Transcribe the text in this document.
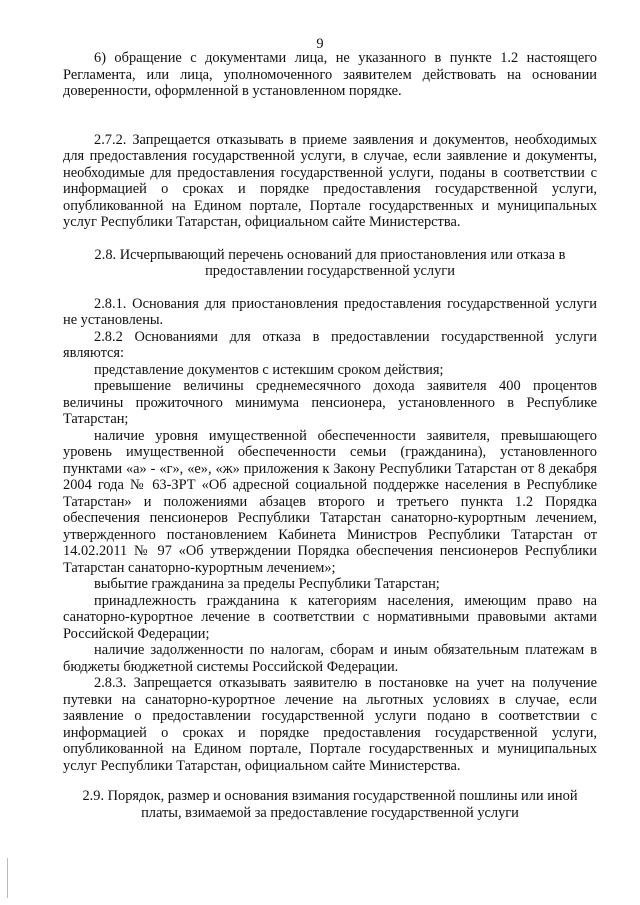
9

6) обращение с документами лица, не указанного в пункте 1.2 настоящего Регламента, или лица, уполномоченного заявителем действовать на основании доверенности, оформленной в установленном порядке.

2.7.2. Запрещается отказывать в приеме заявления и документов, необходимых для предоставления государственной услуги, в случае, если заявление и документы, необходимые для предоставления государственной услуги, поданы в соответствии с информацией о сроках и порядке предоставления государственной услуги, опубликованной на Едином портале, Портале государственных и муниципальных услуг Республики Татарстан, официальном сайте Министерства.

2.8. Исчерпывающий перечень оснований для приостановления или отказа в предоставлении государственной услуги

2.8.1. Основания для приостановления предоставления государственной услуги не установлены.

2.8.2 Основаниями для отказа в предоставлении государственной услуги являются:

представление документов с истекшим сроком действия;

превышение величины среднемесячного дохода заявителя 400 процентов величины прожиточного минимума пенсионера, установленного в Республике Татарстан;

наличие уровня имущественной обеспеченности заявителя, превышающего уровень имущественной обеспеченности семьи (гражданина), установленного пунктами «а» - «г», «е», «ж» приложения к Закону Республики Татарстан от 8 декабря 2004 года № 63-ЗРТ «Об адресной социальной поддержке населения в Республике Татарстан» и положениями абзацев второго и третьего пункта 1.2 Порядка обеспечения пенсионеров Республики Татарстан санаторно-курортным лечением, утвержденного постановлением Кабинета Министров Республики Татарстан от 14.02.2011 № 97 «Об утверждении Порядка обеспечения пенсионеров Республики Татарстан санаторно-курортным лечением»;

выбытие гражданина за пределы Республики Татарстан;

принадлежность гражданина к категориям населения, имеющим право на санаторно-курортное лечение в соответствии с нормативными правовыми актами Российской Федерации;

наличие задолженности по налогам, сборам и иным обязательным платежам в бюджеты бюджетной системы Российской Федерации.

2.8.3. Запрещается отказывать заявителю в постановке на учет на получение путевки на санаторно-курортное лечение на льготных условиях в случае, если заявление о предоставлении государственной услуги подано в соответствии с информацией о сроках и порядке предоставления государственной услуги, опубликованной на Едином портале, Портале государственных и муниципальных услуг Республики Татарстан, официальном сайте Министерства.

2.9. Порядок, размер и основания взимания государственной пошлины или иной платы, взимаемой за предоставление государственной услуги
